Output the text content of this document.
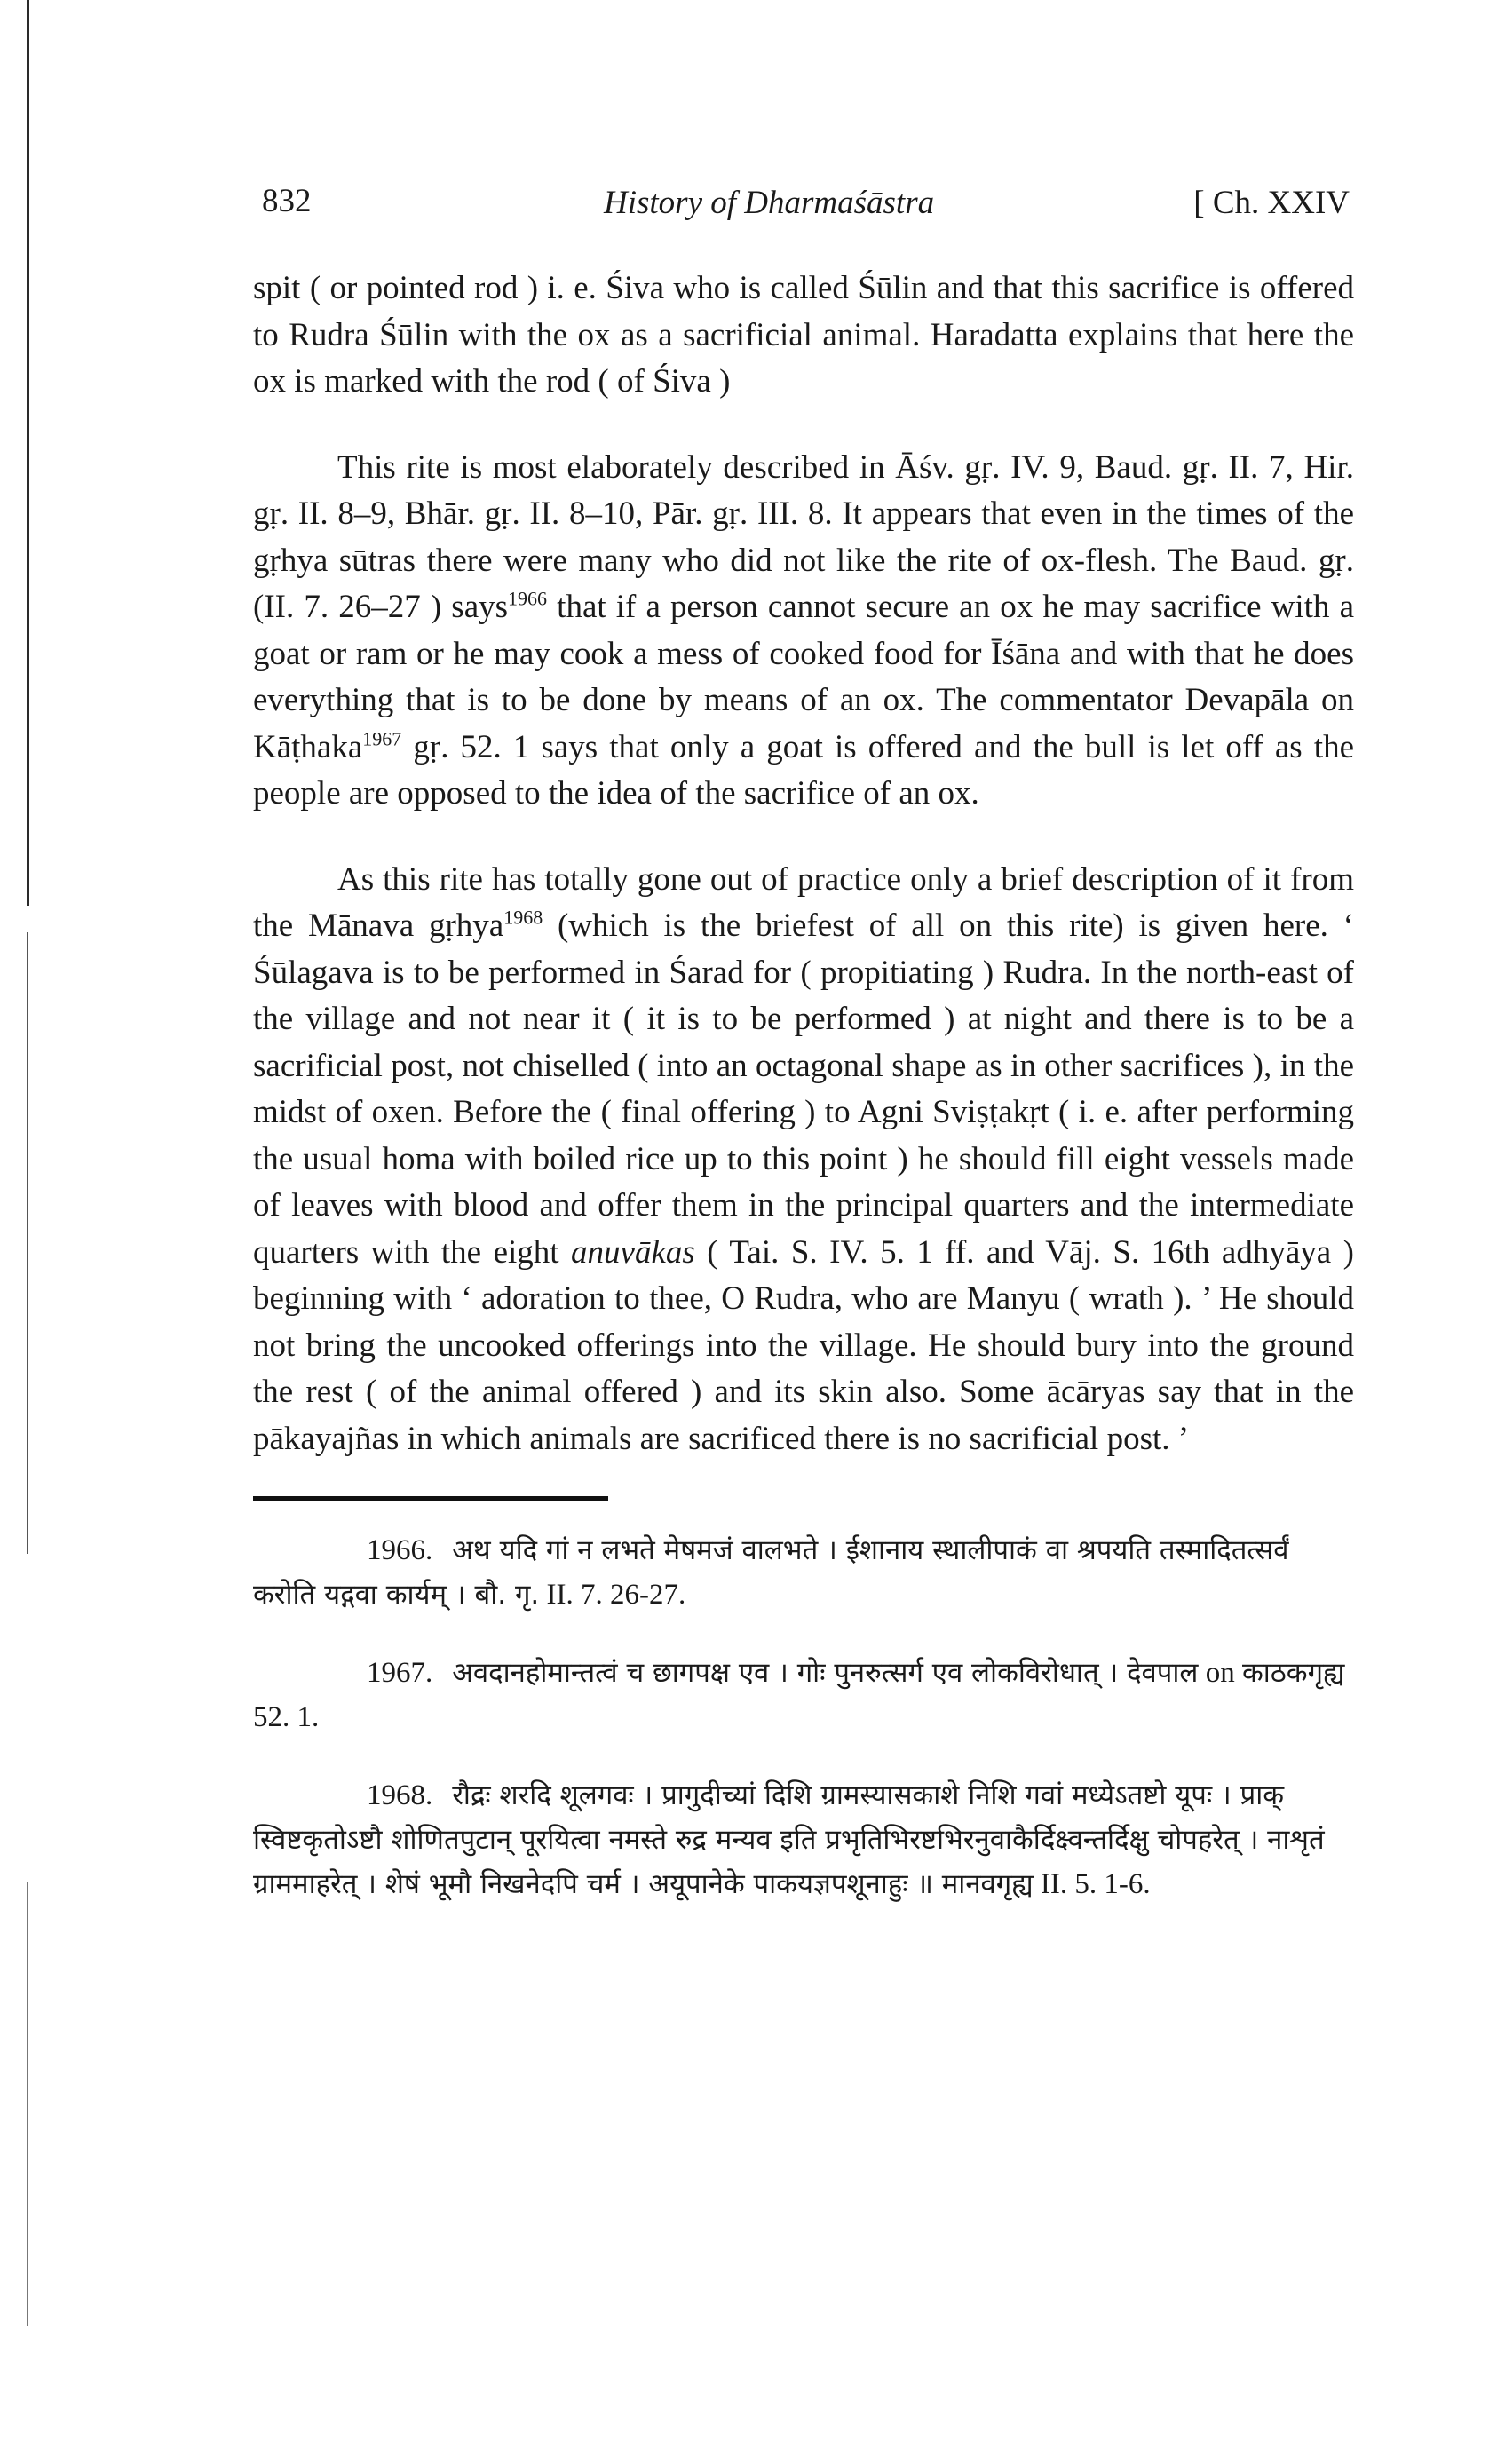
832	History of Dharmaśāstra	[ Ch. XXIV

spit ( or pointed rod ) i. e. Śiva who is called Śūlin and that this sacrifice is offered to Rudra Śūlin with the ox as a sacrificial animal. Haradatta explains that here the ox is marked with the rod ( of Śiva )

This rite is most elaborately described in Āśv. gṛ. IV. 9, Baud. gṛ. II. 7, Hir. gṛ. II. 8–9, Bhār. gṛ. II. 8–10, Pār. gṛ. III. 8. It appears that even in the times of the gṛhya sūtras there were many who did not like the rite of ox-flesh. The Baud. gṛ. (II. 7. 26–27 ) says$^{1966}$ that if a person cannot secure an ox he may sacrifice with a goat or ram or he may cook a mess of cooked food for Īśāna and with that he does everything that is to be done by means of an ox. The commentator Devapāla on Kāṭhaka$^{1967}$ gṛ. 52. 1 says that only a goat is offered and the bull is let off as the people are opposed to the idea of the sacrifice of an ox.

As this rite has totally gone out of practice only a brief description of it from the Mānava gṛhya$^{1968}$ (which is the briefest of all on this rite) is given here. ‘ Śūlagava is to be performed in Śarad for ( propitiating ) Rudra. In the north-east of the village and not near it ( it is to be performed ) at night and there is to be a sacrificial post, not chiselled ( into an octagonal shape as in other sacrifices ), in the midst of oxen. Before the ( final offering ) to Agni Sviṣṭakṛt ( i. e. after performing the usual homa with boiled rice up to this point ) he should fill eight vessels made of leaves with blood and offer them in the principal quarters and the intermediate quarters with the eight anuvākas ( Tai. S. IV. 5. 1 ff. and Vāj. S. 16th adhyāya ) beginning with ‘ adoration to thee, O Rudra, who are Manyu ( wrath ). ’ He should not bring the uncooked offerings into the village. He should bury into the ground the rest ( of the animal offered ) and its skin also. Some ācāryas say that in the pākayajñas in which animals are sacrificed there is no sacrificial post. ’

1966. अथ यदि गां न लभते मेषमजं वालभते । ईशानाय स्थालीपाकं वा श्रपयति तस्मादितत्सर्वं करोति यद्गवा कार्यम् । बौ. गृ. II. 7. 26-27.

1967. अवदानहोमान्तत्वं च छागपक्ष एव । गोः पुनरुत्सर्ग एव लोकविरोधात् । देवपाल on काठकगृह्य 52. 1.

1968. रौद्रः शरदि शूलगवः । प्रागुदीच्यां दिशि ग्रामस्यासकाशे निशि गवां मध्येऽतष्टो यूपः । प्राक् स्विष्टकृतोऽष्टौ शोणितपुटान् पूरयित्वा नमस्ते रुद्र मन्यव इति प्रभृतिभिरष्टभिरनुवाकैर्दिक्ष्वन्तर्दिक्षु चोपहरेत् । नाशृतं ग्राममाहरेत् । शेषं भूमौ निखनेदपि चर्म । अयूपानेके पाकयज्ञपशूनाहुः ॥ मानवगृह्य II. 5. 1-6.
